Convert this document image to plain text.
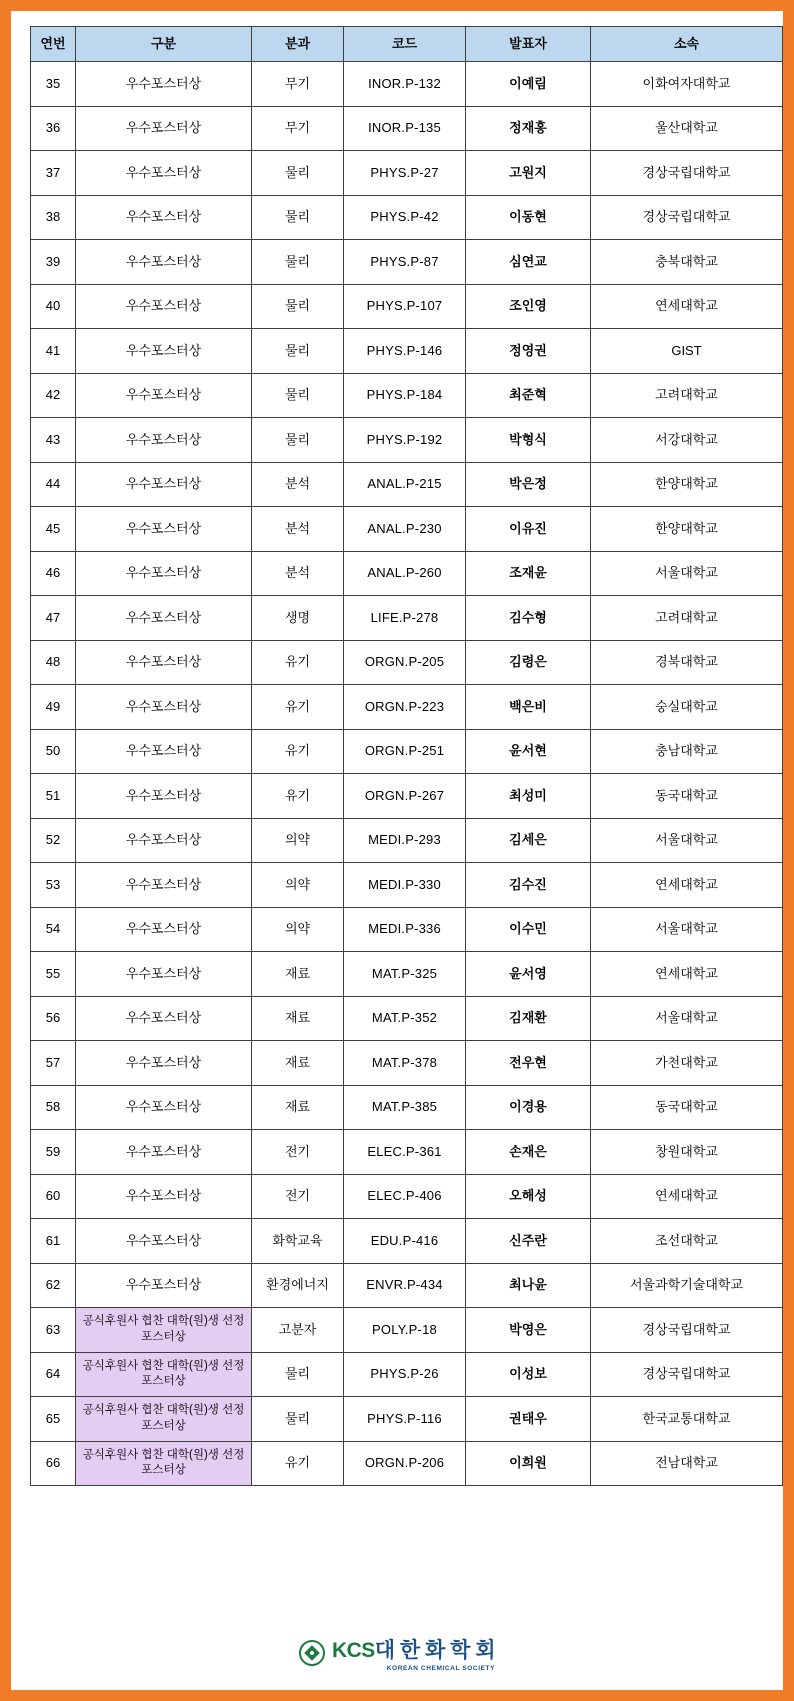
연번	구분	분과	코드	발표자	소속
35	우수포스터상	무기	INOR.P-132	이예림	이화여자대학교
36	우수포스터상	무기	INOR.P-135	정재홍	울산대학교
37	우수포스터상	물리	PHYS.P-27	고원지	경상국립대학교
38	우수포스터상	물리	PHYS.P-42	이동현	경상국립대학교
39	우수포스터상	물리	PHYS.P-87	심연교	충북대학교
40	우수포스터상	물리	PHYS.P-107	조인영	연세대학교
41	우수포스터상	물리	PHYS.P-146	정영권	GIST
42	우수포스터상	물리	PHYS.P-184	최준혁	고려대학교
43	우수포스터상	물리	PHYS.P-192	박형식	서강대학교
44	우수포스터상	분석	ANAL.P-215	박은정	한양대학교
45	우수포스터상	분석	ANAL.P-230	이유진	한양대학교
46	우수포스터상	분석	ANAL.P-260	조재윤	서울대학교
47	우수포스터상	생명	LIFE.P-278	김수형	고려대학교
48	우수포스터상	유기	ORGN.P-205	김령은	경북대학교
49	우수포스터상	유기	ORGN.P-223	백은비	숭실대학교
50	우수포스터상	유기	ORGN.P-251	윤서현	충남대학교
51	우수포스터상	유기	ORGN.P-267	최성미	동국대학교
52	우수포스터상	의약	MEDI.P-293	김세은	서울대학교
53	우수포스터상	의약	MEDI.P-330	김수진	연세대학교
54	우수포스터상	의약	MEDI.P-336	이수민	서울대학교
55	우수포스터상	재료	MAT.P-325	윤서영	연세대학교
56	우수포스터상	재료	MAT.P-352	김재환	서울대학교
57	우수포스터상	재료	MAT.P-378	전우현	가천대학교
58	우수포스터상	재료	MAT.P-385	이경용	동국대학교
59	우수포스터상	전기	ELEC.P-361	손재은	창원대학교
60	우수포스터상	전기	ELEC.P-406	오해성	연세대학교
61	우수포스터상	화학교육	EDU.P-416	신주란	조선대학교
62	우수포스터상	환경에너지	ENVR.P-434	최나윤	서울과학기술대학교
63	공식후원사 협찬 대학(원)생 선정 포스터상	고분자	POLY.P-18	박영은	경상국립대학교
64	공식후원사 협찬 대학(원)생 선정 포스터상	물리	PHYS.P-26	이성보	경상국립대학교
65	공식후원사 협찬 대학(원)생 선정 포스터상	물리	PHYS.P-116	권태우	한국교통대학교
66	공식후원사 협찬 대학(원)생 선정 포스터상	유기	ORGN.P-206	이희원	전남대학교
KCS대 한 화 학 회
KOREAN CHEMICAL SOCIETY
